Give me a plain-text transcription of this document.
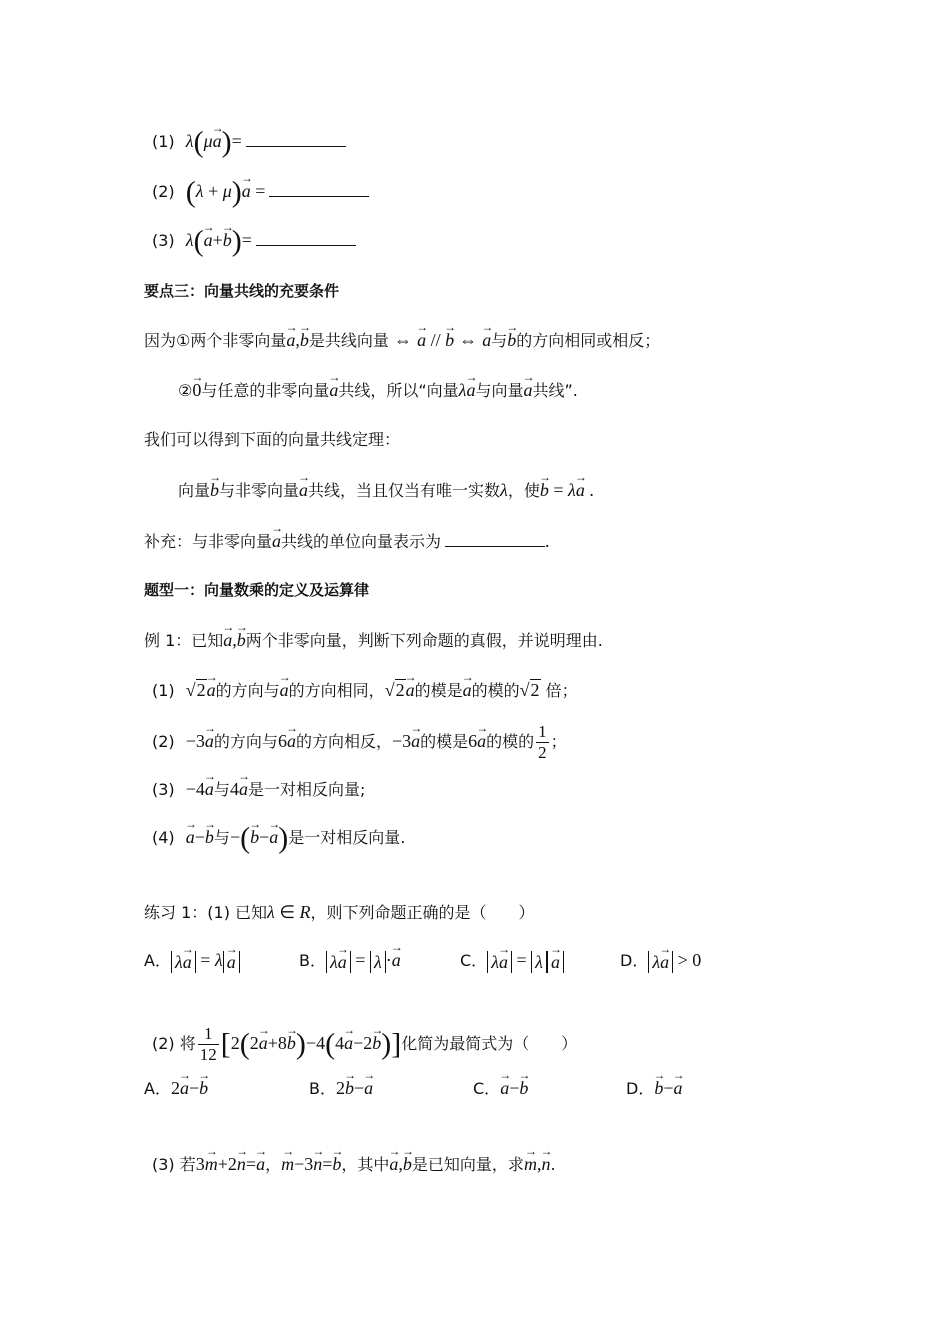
(1) λ(μ→ a)=
(2) (λ + μ)→ a =
(3) λ(→ a+→ b)=
要点三：向量共线的充要条件
因为①两个非零向量→ a,→ b是共线向量 ⇔ → a // → b ⇔ → a与→ b的方向相同或相反；
②→ 0与任意的非零向量→ a共线，所以“向量λ→ a与向量→ a共线”.
我们可以得到下面的向量共线定理：
向量→ b与非零向量→ a共线，当且仅当有唯一实数λ，使→ b = λ→ a .
补充：与非零向量→ a共线的单位向量表示为	.
题型一：向量数乘的定义及运算律
例 1：已知→ a,→ b两个非零向量，判断下列命题的真假，并说明理由.
(1) √2→ a的方向与→ a的方向相同，√2→ a的模是→ a的模的√2 倍；
(2) −3→ a的方向与6→ a的方向相反，−3→ a的模是6→ a的模的 $\frac{1}{2}$ ；
(3) −4→ a与4→ a是一对相反向量;
(4) → a−→ b与−(→ b−→ a)是一对相反向量.
练习 1：(1) 已知λ ∈ R，则下列命题正确的是（　　）
A． λ→ a = λ → a	B． λ→ a = λ ·→ a	C． λ→ a = λ → a	D． λ→ a > 0
(2) 将 $\frac{1}{12} [2(2\to a+8\to b)-4(4\to a-2\to b)]$化简为最简式为（　　）
A．2→ a−→ b	B．2→ b−→ a	C．→ a−→ b	D．→ b−→ a
(3) 若3→ m+2→ n=→ a，→ m−3→ n=→ b，其中→ a,→ b是已知向量，求→ m,→ n.
